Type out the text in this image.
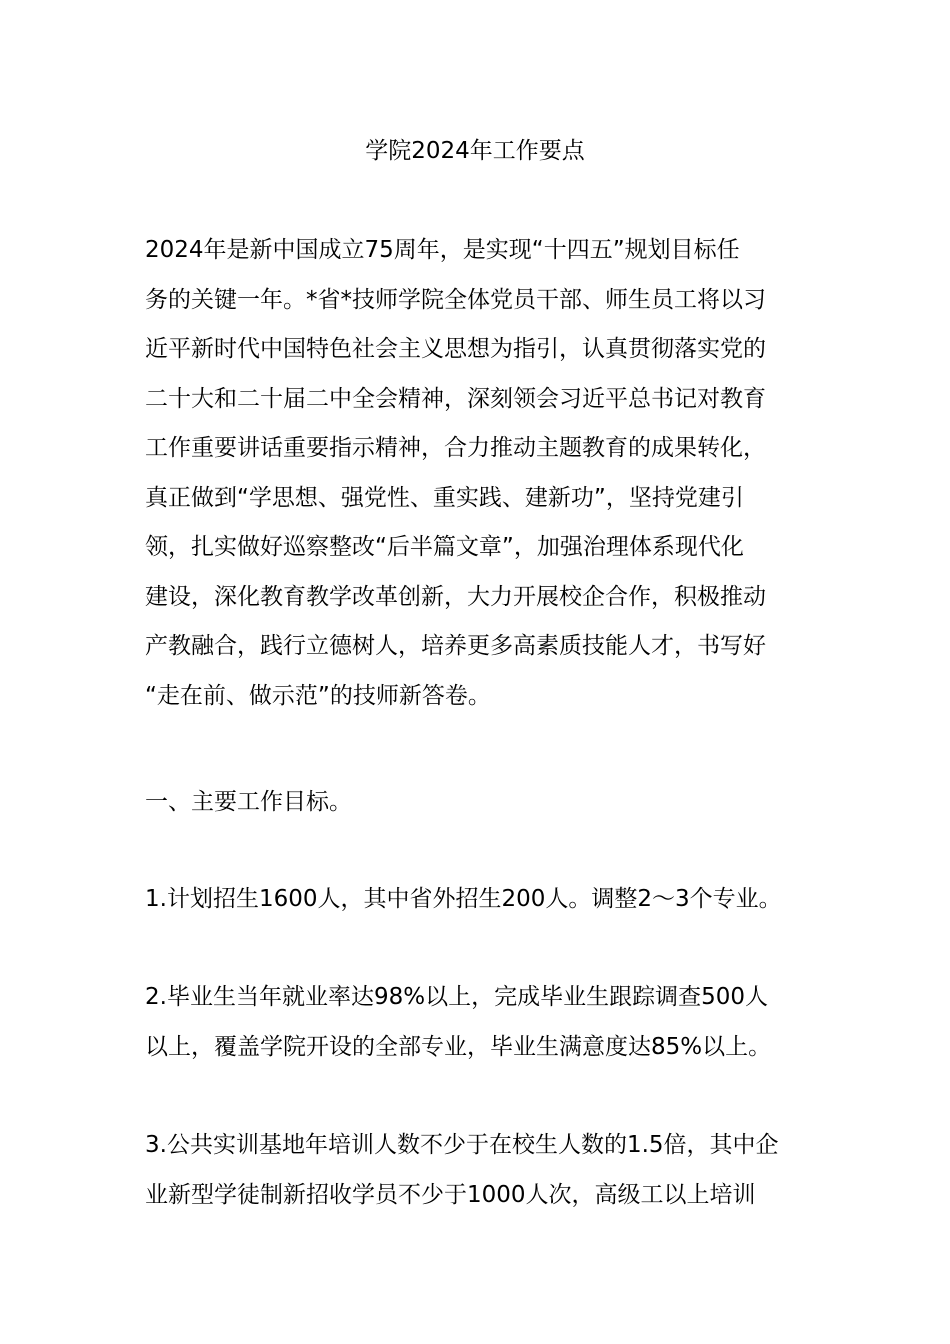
学院2024年工作要点
2024年是新中国成立75周年，是实现“十四五”规划目标任
务的关键一年。*省*技师学院全体党员干部、师生员工将以习
近平新时代中国特色社会主义思想为指引，认真贯彻落实党的
二十大和二十届二中全会精神，深刻领会习近平总书记对教育
工作重要讲话重要指示精神，合力推动主题教育的成果转化，
真正做到“学思想、强党性、重实践、建新功”，坚持党建引
领，扎实做好巡察整改“后半篇文章”，加强治理体系现代化
建设，深化教育教学改革创新，大力开展校企合作，积极推动
产教融合，践行立德树人，培养更多高素质技能人才，书写好
“走在前、做示范”的技师新答卷。
一、主要工作目标。
1.计划招生1600人，其中省外招生200人。调整2～3个专业。
2.毕业生当年就业率达98%以上，完成毕业生跟踪调查500人
以上，覆盖学院开设的全部专业，毕业生满意度达85%以上。
3.公共实训基地年培训人数不少于在校生人数的1.5倍，其中企
业新型学徒制新招收学员不少于1000人次，高级工以上培训
